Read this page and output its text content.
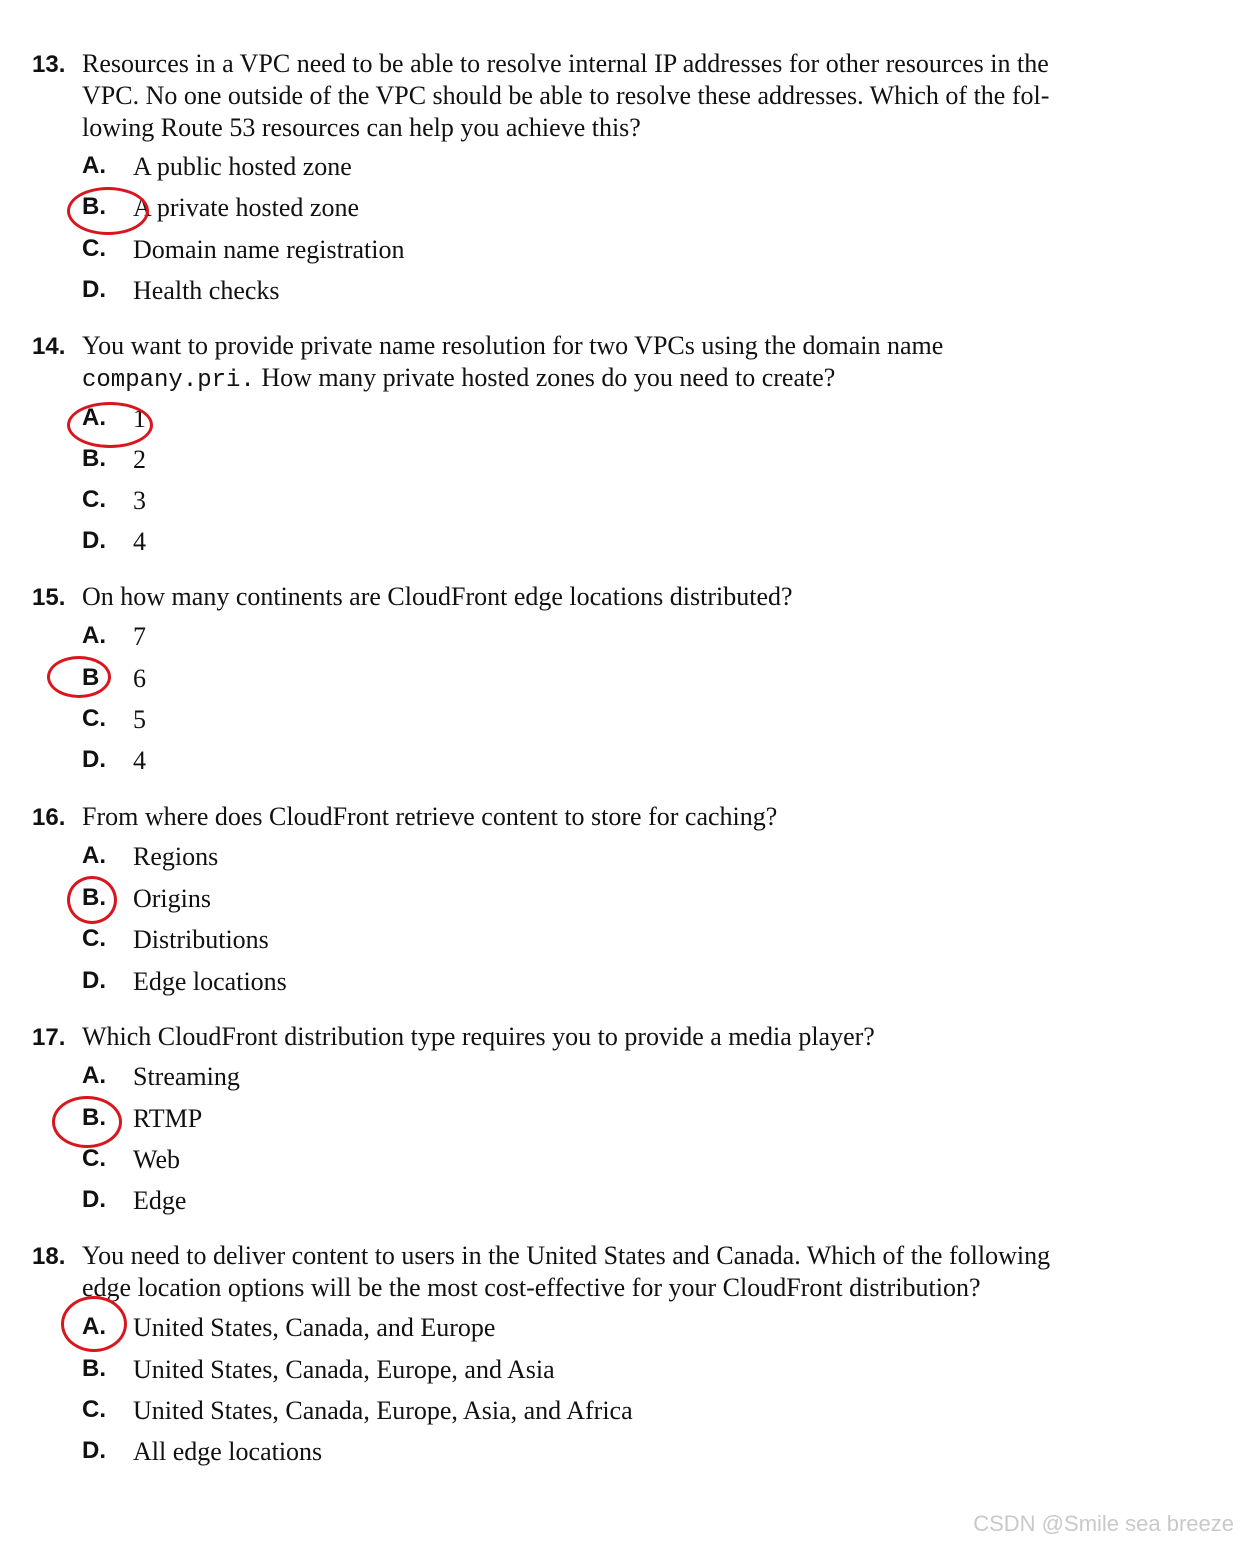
13. Resources in a VPC need to be able to resolve internal IP addresses for other resources in the
VPC. No one outside of the VPC should be able to resolve these addresses. Which of the fol-
lowing Route 53 resources can help you achieve this?
A. A public hosted zone
B. A private hosted zone
C. Domain name registration
D. Health checks
14. You want to provide private name resolution for two VPCs using the domain name
company.pri. How many private hosted zones do you need to create?
A. 1
B. 2
C. 3
D. 4
15. On how many continents are CloudFront edge locations distributed?
A. 7
B 6
C. 5
D. 4
16. From where does CloudFront retrieve content to store for caching?
A. Regions
B. Origins
C. Distributions
D. Edge locations
17. Which CloudFront distribution type requires you to provide a media player?
A. Streaming
B. RTMP
C. Web
D. Edge
18. You need to deliver content to users in the United States and Canada. Which of the following
edge location options will be the most cost-effective for your CloudFront distribution?
A. United States, Canada, and Europe
B. United States, Canada, Europe, and Asia
C. United States, Canada, Europe, Asia, and Africa
D. All edge locations
CSDN @Smile sea breeze
